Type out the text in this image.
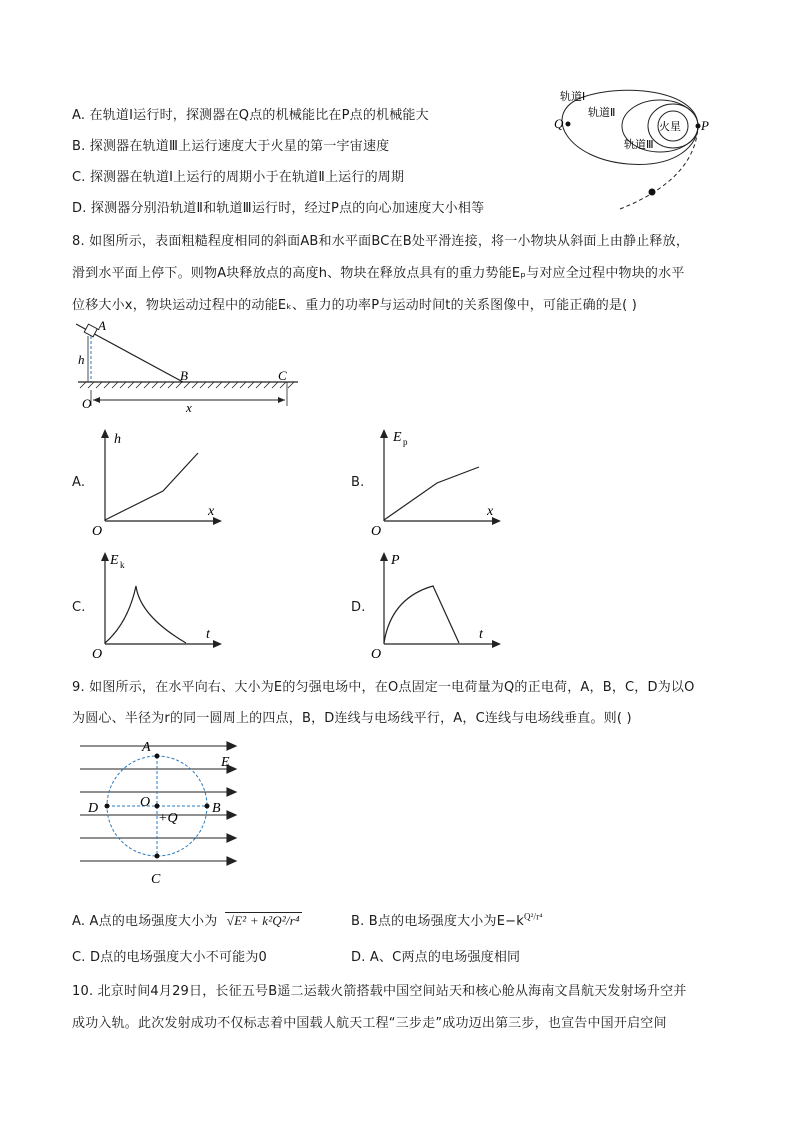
A. 在轨道Ⅰ运行时，探测器在Q点的机械能比在P点的机械能大
B. 探测器在轨道Ⅲ上运行速度大于火星的第一宇宙速度
C. 探测器在轨道Ⅰ上运行的周期小于在轨道Ⅱ上运行的周期
D. 探测器分别沿轨道Ⅱ和轨道Ⅲ运行时，经过P点的向心加速度大小相等
火星 P
Q
轨道Ⅰ
轨道Ⅱ
轨道Ⅲ
8. 如图所示，表面粗糙程度相同的斜面AB和水平面BC在B处平滑连接，将一小物块从斜面上由静止释放，
滑到水平面上停下。则物A块释放点的高度h、物块在释放点具有的重力势能Eₚ与对应全过程中物块的水平
位移大小x，物块运动过程中的动能Eₖ、重力的功率P与运动时间t的关系图像中，可能正确的是( )
A
h
B	C
O	x
A.
h
x
O
B.
E p
x
O
C.
E k
t
O
D.
P
t
O
9. 如图所示，在水平向右、大小为E的匀强电场中，在O点固定一电荷量为Q的正电荷，A，B，C，D为以O
为圆心、半径为r的同一圆周上的四点，B，D连线与电场线平行，A，C连线与电场线垂直。则( )
A
C
D	B
O
+Q
E
A. A点的电场强度大小为 √E² + k²Q²/r⁴	B. B点的电场强度大小为$E-k^{Q^2/r^4}$
C. D点的电场强度大小不可能为0	D. A、C两点的电场强度相同
10. 北京时间4月29日，长征五号B遥二运载火箭搭载中国空间站天和核心舱从海南文昌航天发射场升空并
成功入轨。此次发射成功不仅标志着中国载人航天工程“三步走”成功迈出第三步，也宣告中国开启空间
